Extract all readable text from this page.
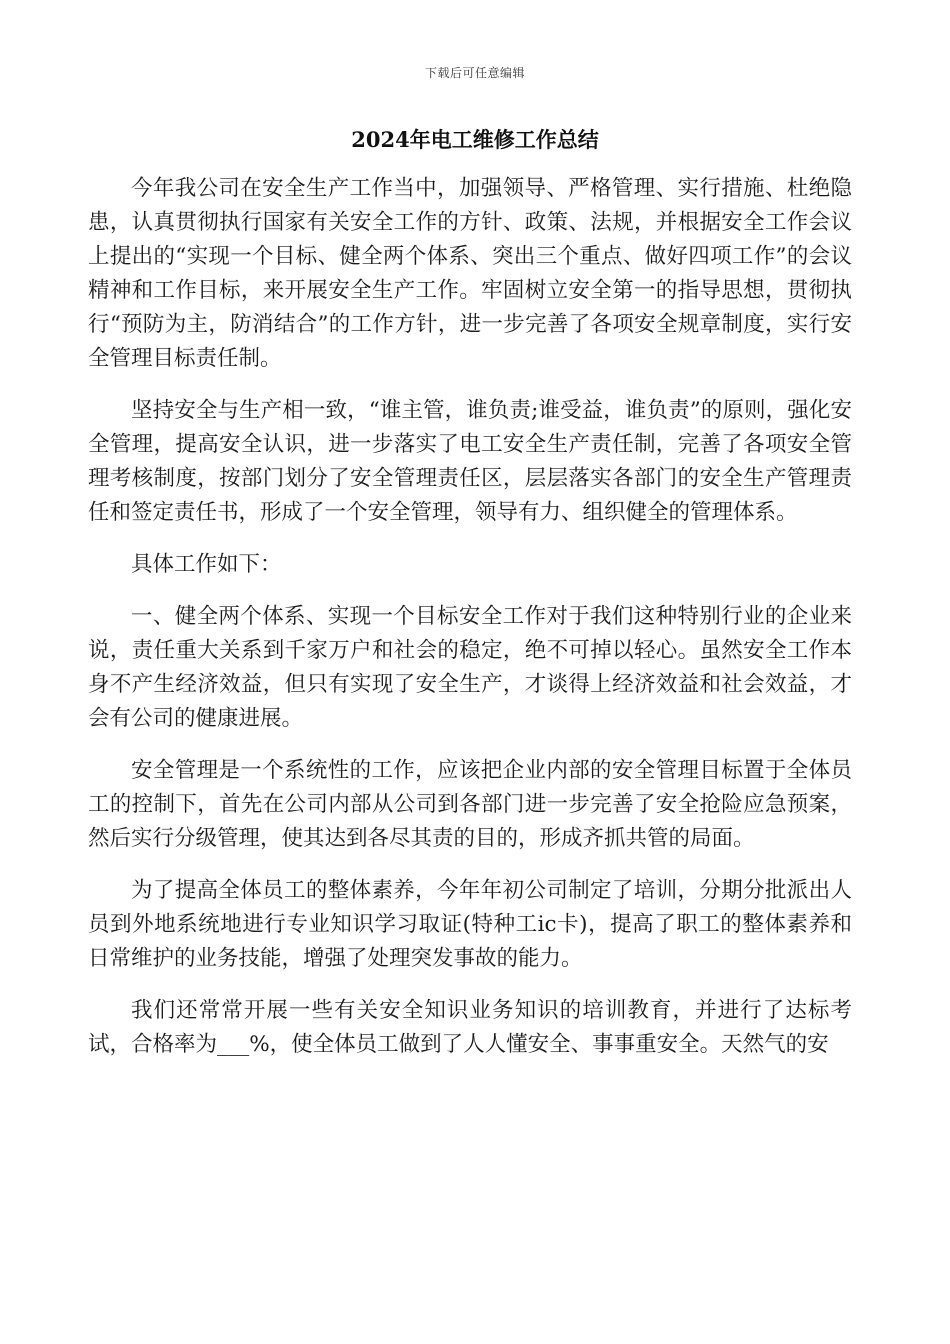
下载后可任意编辑
2024年电工维修工作总结

今年我公司在安全生产工作当中，加强领导、严格管理、实行措施、杜绝隐患，认真贯彻执行国家有关安全工作的方针、政策、法规，并根据安全工作会议上提出的“实现一个目标、健全两个体系、突出三个重点、做好四项工作”的会议精神和工作目标，来开展安全生产工作。牢固树立安全第一的指导思想，贯彻执行“预防为主，防消结合”的工作方针，进一步完善了各项安全规章制度，实行安全管理目标责任制。

坚持安全与生产相一致，“谁主管，谁负责;谁受益，谁负责”的原则，强化安全管理，提高安全认识，进一步落实了电工安全生产责任制，完善了各项安全管理考核制度，按部门划分了安全管理责任区，层层落实各部门的安全生产管理责任和签定责任书，形成了一个安全管理，领导有力、组织健全的管理体系。

具体工作如下：

一、健全两个体系、实现一个目标安全工作对于我们这种特别行业的企业来说，责任重大关系到千家万户和社会的稳定，绝不可掉以轻心。虽然安全工作本身不产生经济效益，但只有实现了安全生产，才谈得上经济效益和社会效益，才会有公司的健康进展。

安全管理是一个系统性的工作，应该把企业内部的安全管理目标置于全体员工的控制下，首先在公司内部从公司到各部门进一步完善了安全抢险应急预案，然后实行分级管理，使其达到各尽其责的目的，形成齐抓共管的局面。

为了提高全体员工的整体素养，今年年初公司制定了培训，分期分批派出人员到外地系统地进行专业知识学习取证(特种工ic卡)，提高了职工的整体素养和日常维护的业务技能，增强了处理突发事故的能力。

我们还常常开展一些有关安全知识业务知识的培训教育，并进行了达标考试，合格率为___%，使全体员工做到了人人懂安全、事事重安全。天然气的安
